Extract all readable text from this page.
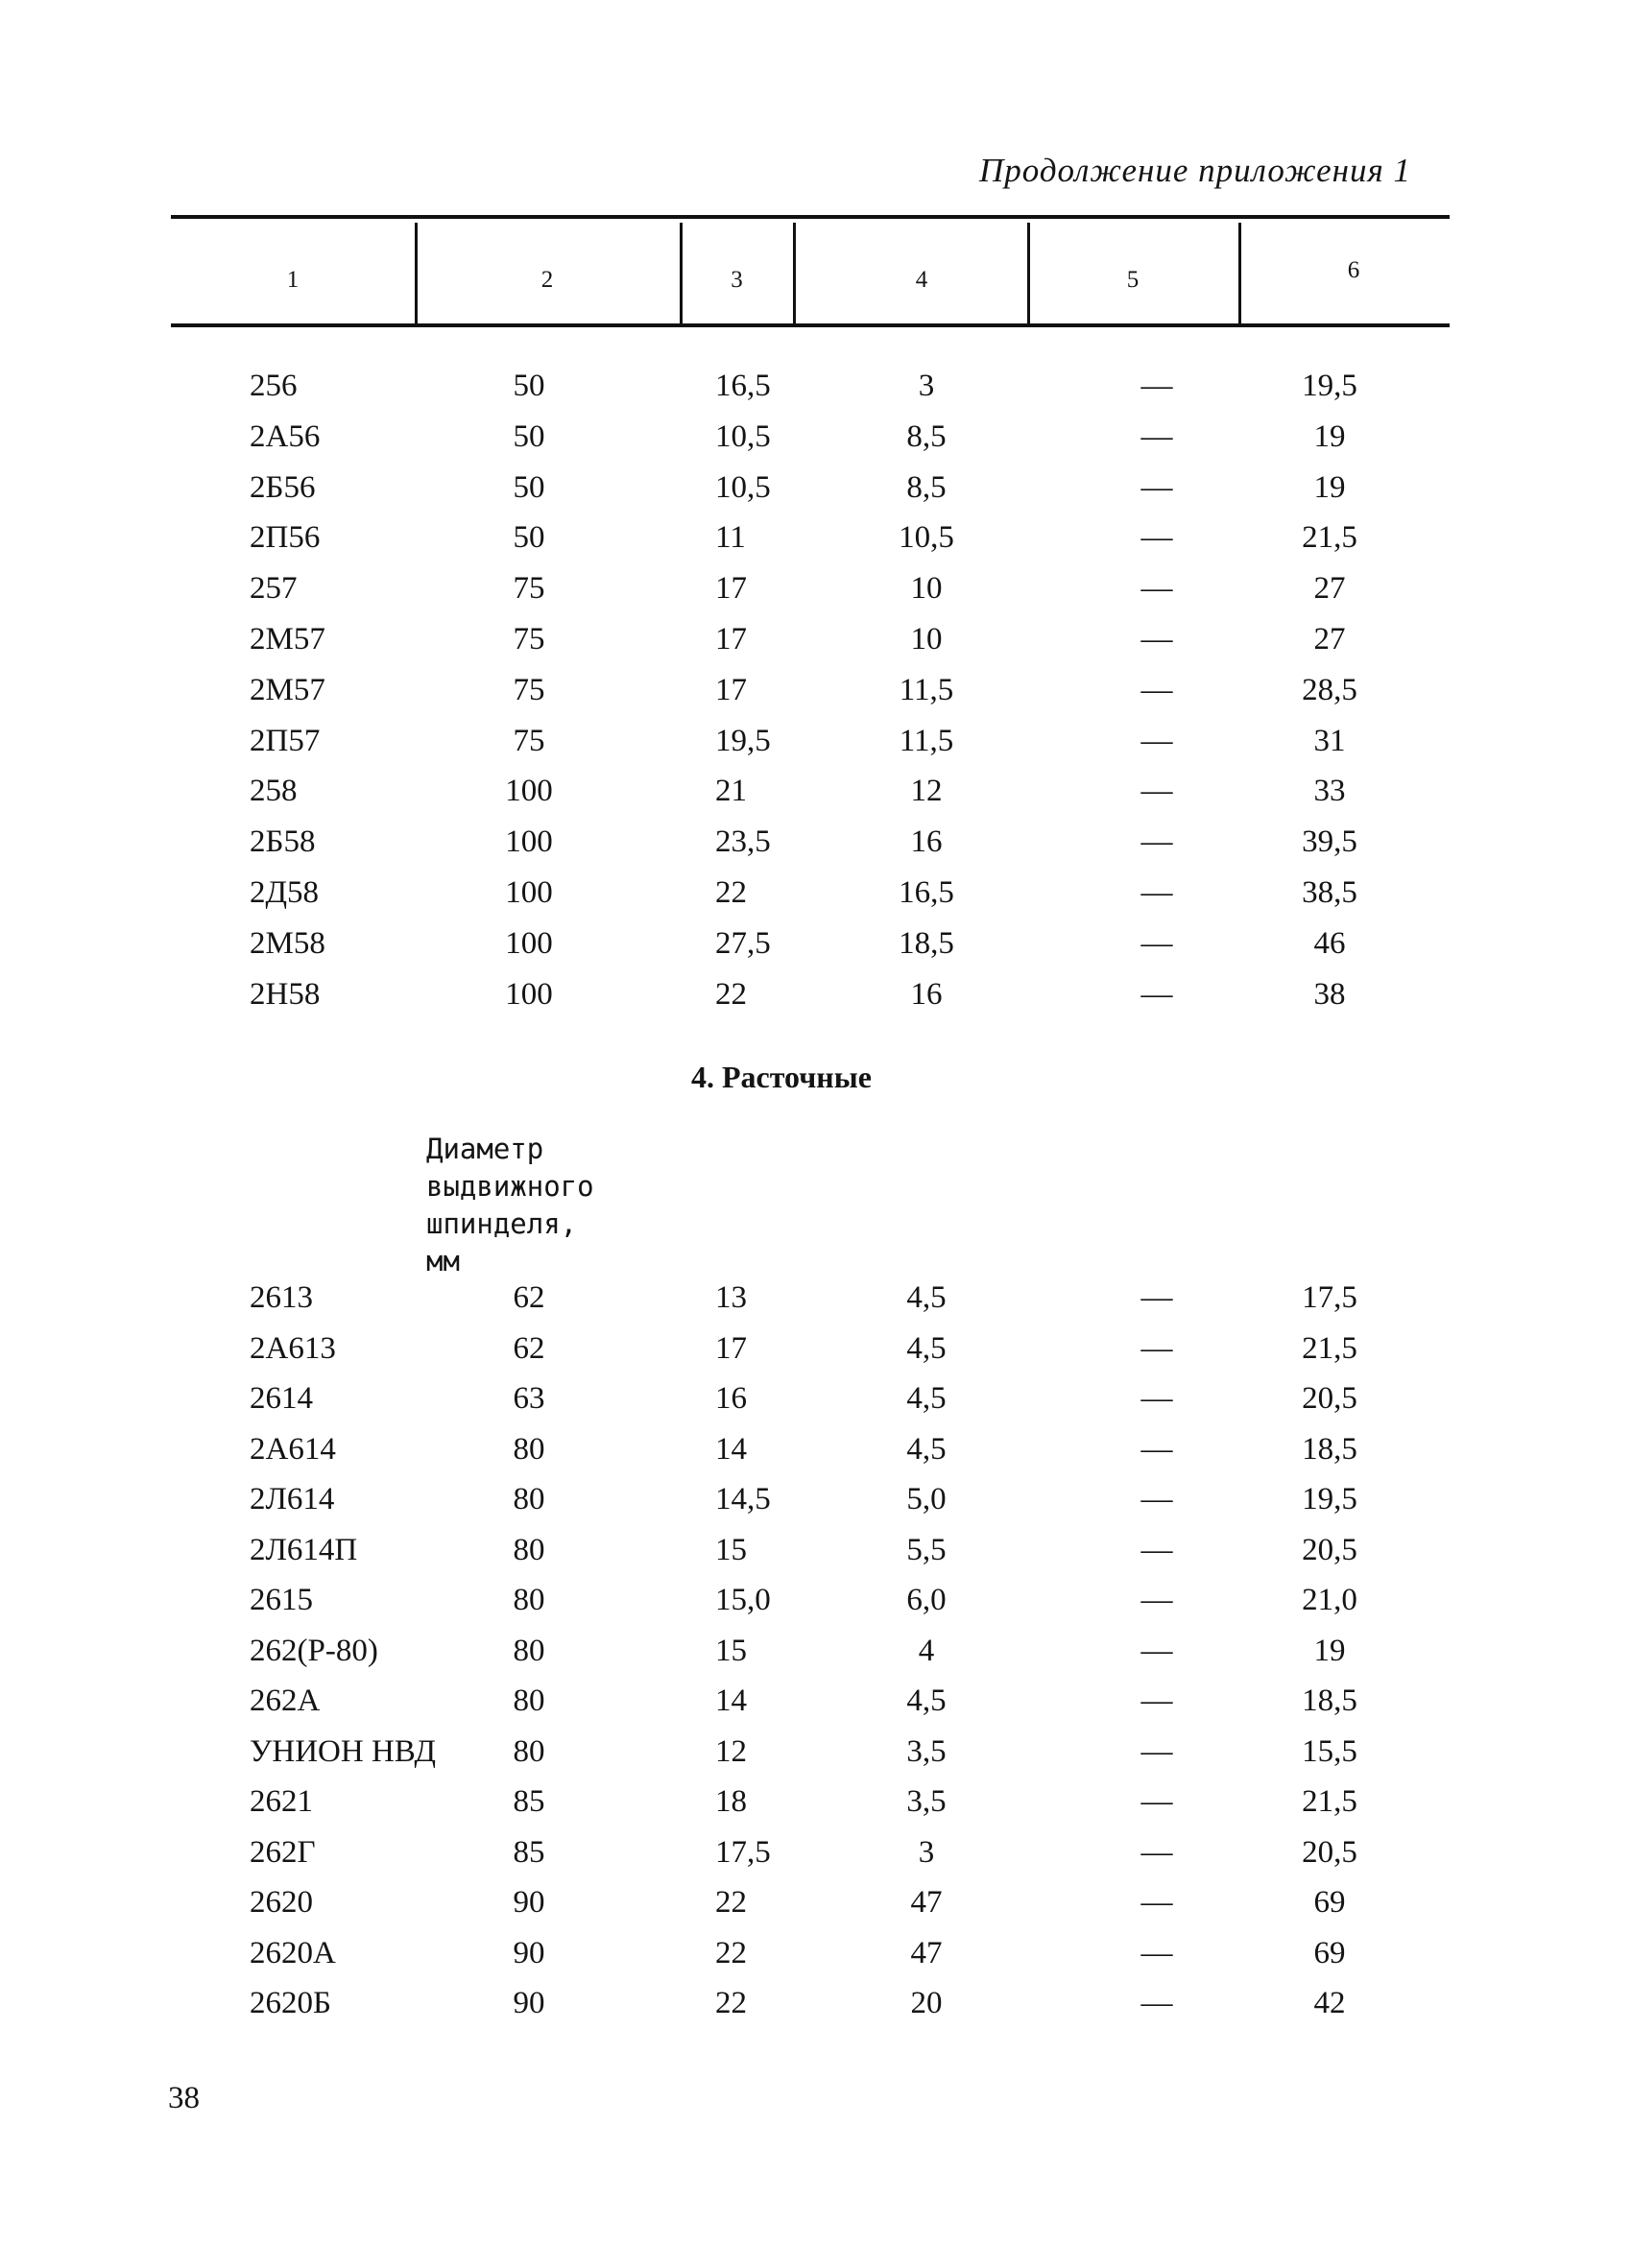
Продолжение приложения 1
1	2	3	4	5	6
256	50	16,5	3	—	19,5
2А56	50	10,5	8,5	—	19
2Б56	50	10,5	8,5	—	19
2П56	50	11	10,5	—	21,5
257	75	17	10	—	27
2М57	75	17	10	—	27
2М57	75	17	11,5	—	28,5
2П57	75	19,5	11,5	—	31
258	100	21	12	—	33
2Б58	100	23,5	16	—	39,5
2Д58	100	22	16,5	—	38,5
2М58	100	27,5	18,5	—	46
2Н58	100	22	16	—	38
4. Расточные
Диаметр
выдвижного
шпинделя,
мм
2613	62	13	4,5	—	17,5
2А613	62	17	4,5	—	21,5
2614	63	16	4,5	—	20,5
2А614	80	14	4,5	—	18,5
2Л614	80	14,5	5,0	—	19,5
2Л614П	80	15	5,5	—	20,5
2615	80	15,0	6,0	—	21,0
262(Р-80)	80	15	4	—	19
262А	80	14	4,5	—	18,5
УНИОН НВД	80	12	3,5	—	15,5
2621	85	18	3,5	—	21,5
262Г	85	17,5	3	—	20,5
2620	90	22	47	—	69
2620А	90	22	47	—	69
2620Б	90	22	20	—	42
38
